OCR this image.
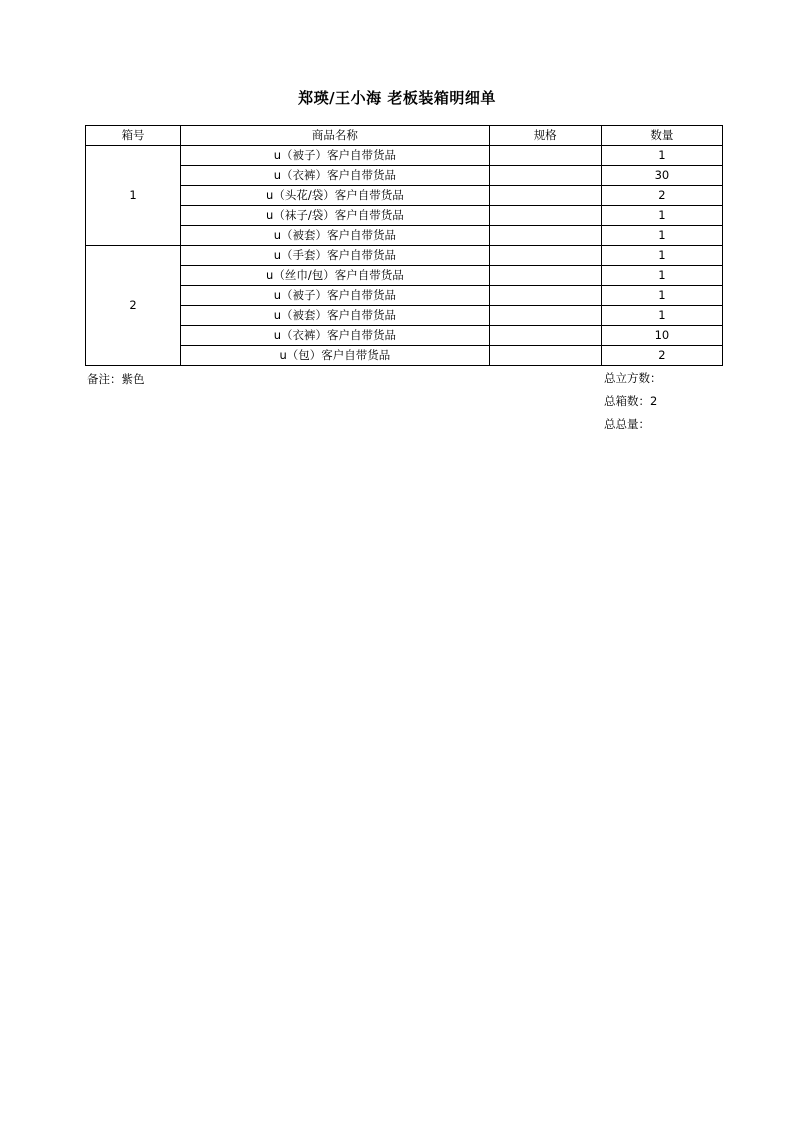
郑瑛/王小海 老板装箱明细单
箱号	商品名称	规格	数量
1	u（被子）客户自带货品		1
	u（衣裤）客户自带货品		30
	u（头花/袋）客户自带货品		2
	u（袜子/袋）客户自带货品		1
	u（被套）客户自带货品		1
2	u（手套）客户自带货品		1
	u（丝巾/包）客户自带货品		1
	u（被子）客户自带货品		1
	u（被套）客户自带货品		1
	u（衣裤）客户自带货品		10
	u（包）客户自带货品		2
备注：紫色	总立方数：
总箱数：2
总总量：
